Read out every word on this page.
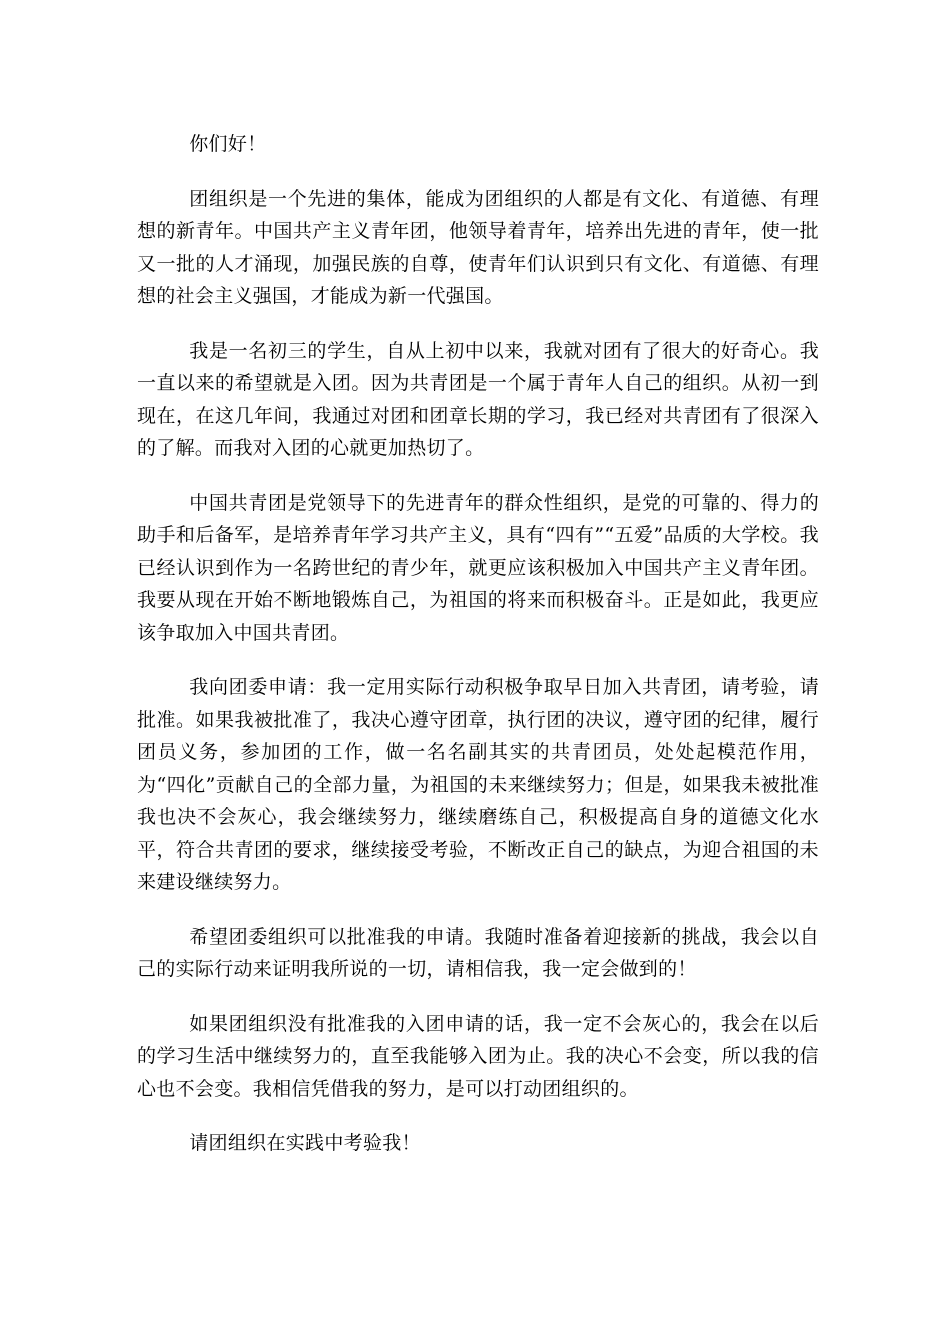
你们好！

团组织是一个先进的集体，能成为团组织的人都是有文化、有道德、有理想的新青年。中国共产主义青年团，他领导着青年，培养出先进的青年，使一批又一批的人才涌现，加强民族的自尊，使青年们认识到只有文化、有道德、有理想的社会主义强国，才能成为新一代强国。

我是一名初三的学生，自从上初中以来，我就对团有了很大的好奇心。我一直以来的希望就是入团。因为共青团是一个属于青年人自己的组织。从初一到现在，在这几年间，我通过对团和团章长期的学习，我已经对共青团有了很深入的了解。而我对入团的心就更加热切了。

中国共青团是党领导下的先进青年的群众性组织，是党的可靠的、得力的助手和后备军，是培养青年学习共产主义，具有“四有”“五爱”品质的大学校。我已经认识到作为一名跨世纪的青少年，就更应该积极加入中国共产主义青年团。我要从现在开始不断地锻炼自己，为祖国的将来而积极奋斗。正是如此，我更应该争取加入中国共青团。

我向团委申请：我一定用实际行动积极争取早日加入共青团，请考验，请批准。如果我被批准了，我决心遵守团章，执行团的决议，遵守团的纪律，履行团员义务，参加团的工作，做一名名副其实的共青团员，处处起模范作用，为“四化”贡献自己的全部力量，为祖国的未来继续努力；但是，如果我未被批准我也决不会灰心，我会继续努力，继续磨练自己，积极提高自身的道德文化水平，符合共青团的要求，继续接受考验，不断改正自己的缺点，为迎合祖国的未来建设继续努力。

希望团委组织可以批准我的申请。我随时准备着迎接新的挑战，我会以自己的实际行动来证明我所说的一切，请相信我，我一定会做到的！

如果团组织没有批准我的入团申请的话，我一定不会灰心的，我会在以后的学习生活中继续努力的，直至我能够入团为止。我的决心不会变，所以我的信心也不会变。我相信凭借我的努力，是可以打动团组织的。

请团组织在实践中考验我！
